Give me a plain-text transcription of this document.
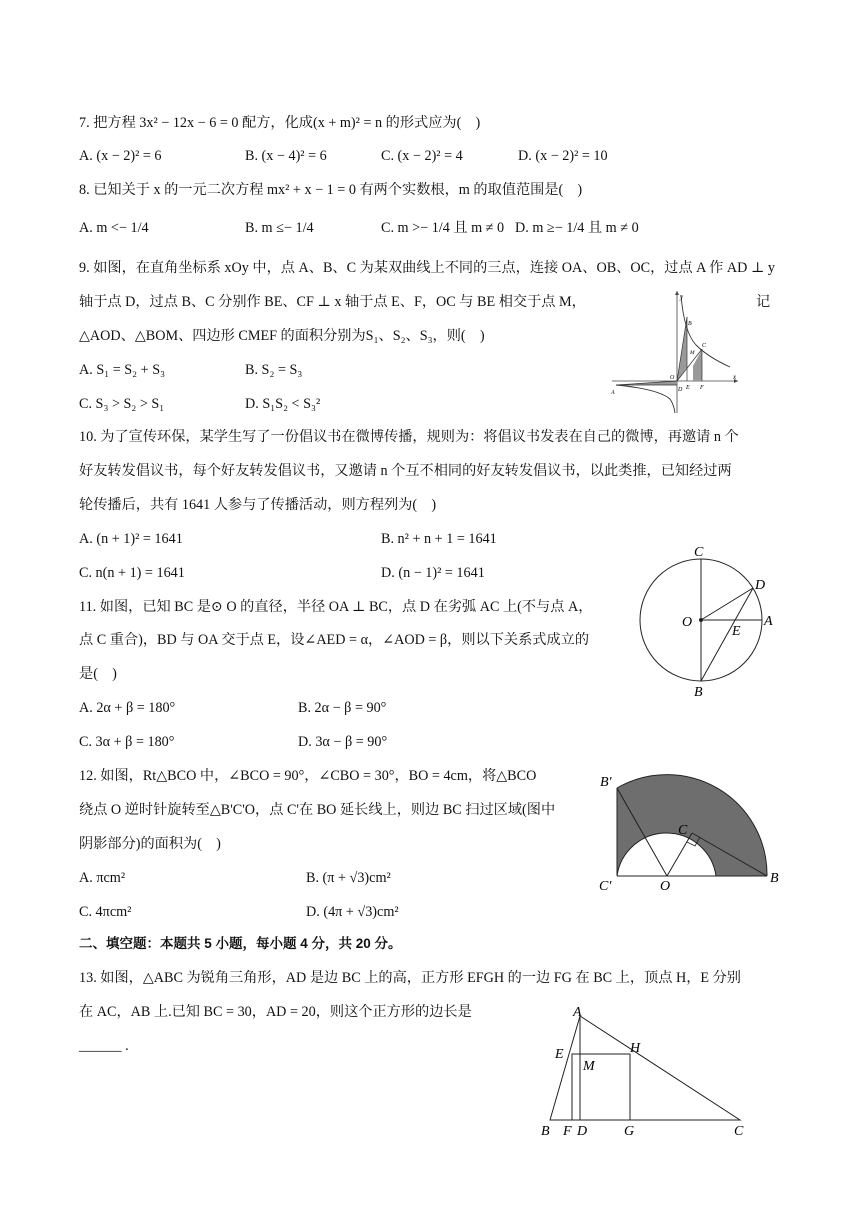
7. 把方程 3x² − 12x − 6 = 0 配方，化成(x + m)² = n 的形式应为(　)
A. (x − 2)² = 6	B. (x − 4)² = 6	C. (x − 2)² = 4	D. (x − 2)² = 10
8. 已知关于 x 的一元二次方程 mx² + x − 1 = 0 有两个实数根，m 的取值范围是(　)
A. m <− 1/4	B. m ≤− 1/4	C. m >− 1/4 且 m ≠ 0 D. m ≥− 1/4 且 m ≠ 0
9. 如图，在直角坐标系 xOy 中，点 A、B、C 为某双曲线上不同的三点，连接 OA、OB、OC，过点 A 作 AD ⊥ y
轴于点 D，过点 B、C 分别作 BE、CF ⊥ x 轴于点 E、F，OC 与 BE 相交于点 M，	记
△AOD、△BOM、四边形 CMEF 的面积分别为S₁、S₂、S₃，则(　)
A. S₁ = S₂ + S₃	B. S₂ = S₃
C. S₃ > S₂ > S₁	D. S₁S₂ < S₃²
y
x
O
A
B
C
D E F
M
10. 为了宣传环保，某学生写了一份倡议书在微博传播，规则为：将倡议书发表在自己的微博，再邀请 n 个
好友转发倡议书，每个好友转发倡议书，又邀请 n 个互不相同的好友转发倡议书，以此类推，已知经过两
轮传播后，共有 1641 人参与了传播活动，则方程列为(　)
A. (n + 1)² = 1641	B. n² + n + 1 = 1641
C. n(n + 1) = 1641	D. (n − 1)² = 1641
11. 如图，已知 BC 是⊙ O 的直径，半径 OA ⊥ BC，点 D 在劣弧 AC 上(不与点 A，
点 C 重合)，BD 与 OA 交于点 E，设∠AED = α，∠AOD = β，则以下关系式成立的
是(　)
A. 2α + β = 180°	B. 2α − β = 90°
C. 3α + β = 180°	D. 3α − β = 90°
C
D
O
E
A
B
12. 如图，Rt△BCO 中，∠BCO = 90°，∠CBO = 30°，BO = 4cm，将△BCO
绕点 O 逆时针旋转至△B'C'O，点 C'在 BO 延长线上，则边 BC 扫过区域(图中
阴影部分)的面积为(　)
A. πcm²	B. (π + √3)cm²
C. 4πcm²	D. (4π + √3)cm²
B′
C
C′	O
B
二、填空题：本题共 5 小题，每小题 4 分，共 20 分。
13. 如图，△ABC 为锐角三角形，AD 是边 BC 上的高，正方形 EFGH 的一边 FG 在 BC 上，顶点 H，E 分别
在 AC，AB 上.已知 BC = 30，AD = 20，则这个正方形的边长是
______ .
A
E	H
M
B F D	G	C
